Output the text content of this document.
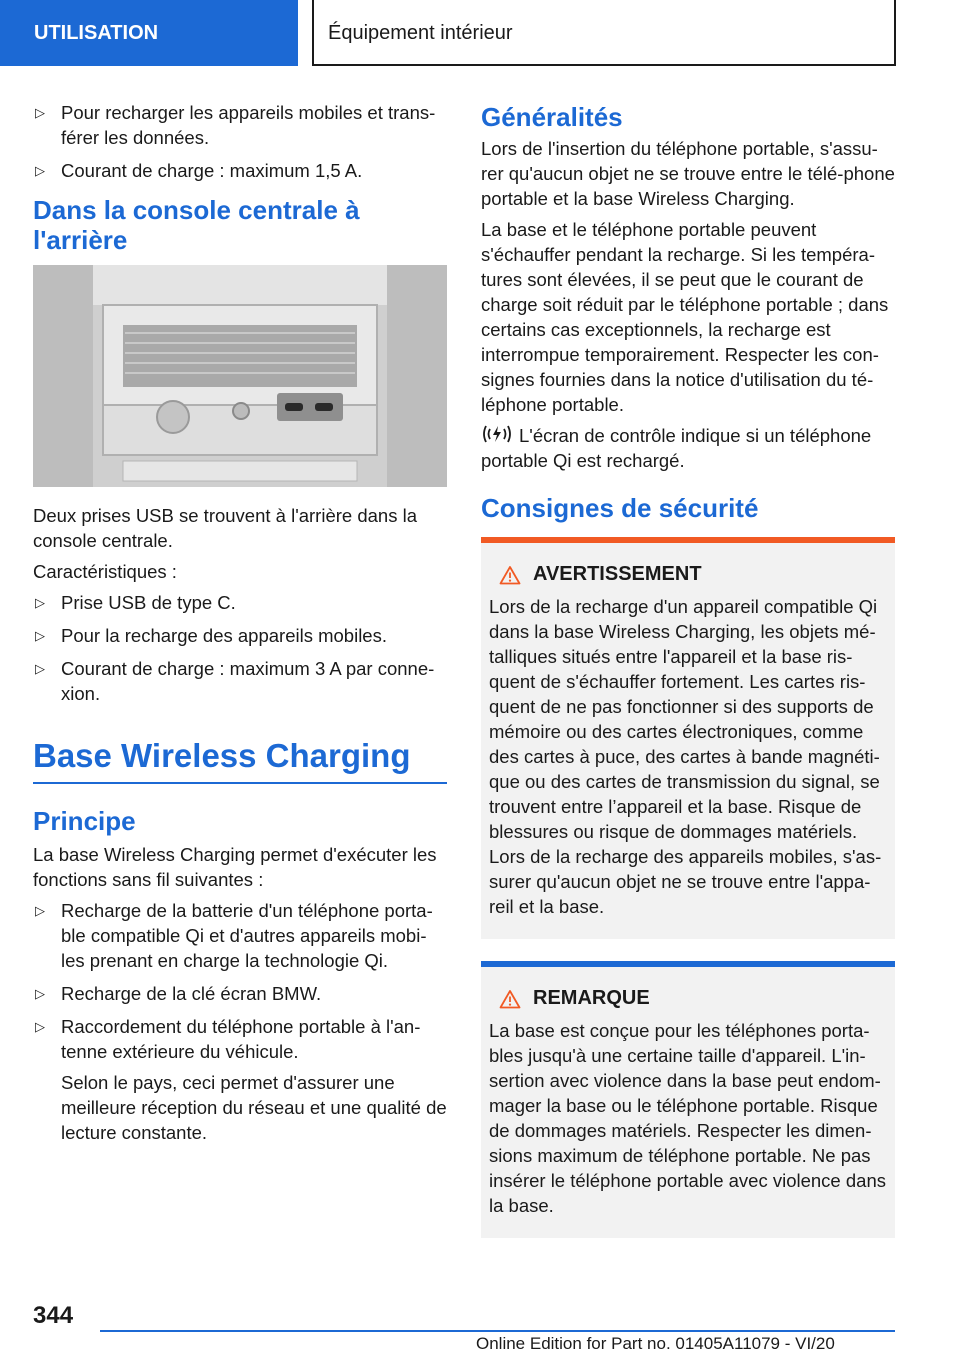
UTILISATION	Équipement intérieur
▷ Pour recharger les appareils mobiles et trans-férer les données.
▷ Courant de charge : maximum 1,5 A.
Dans la console centrale à l'arrière

Deux prises USB se trouvent à l'arrière dans la console centrale.

Caractéristiques :

▷ Prise USB de type C.
▷ Pour la recharge des appareils mobiles.
▷ Courant de charge : maximum 3 A par conne-xion.
Base Wireless Charging
Principe

La base Wireless Charging permet d'exécuter les fonctions sans fil suivantes :

▷ Recharge de la batterie d'un téléphone porta-ble compatible Qi et d'autres appareils mobi-les prenant en charge la technologie Qi.
▷ Recharge de la clé écran BMW.
▷ Raccordement du téléphone portable à l'an-tenne extérieure du véhicule.
Selon le pays, ceci permet d'assurer une meilleure réception du réseau et une qualité de lecture constante.
Généralités

Lors de l'insertion du téléphone portable, s'assu-rer qu'aucun objet ne se trouve entre le télé-phone portable et la base Wireless Charging.

La base et le téléphone portable peuvent s'échauffer pendant la recharge. Si les tempéra-tures sont élevées, il se peut que le courant de charge soit réduit par le téléphone portable ; dans certains cas exceptionnels, la recharge est interrompue temporairement. Respecter les con-signes fournies dans la notice d'utilisation du té-léphone portable.

L'écran de contrôle indique si un téléphone portable Qi est rechargé.

Consignes de sécurité
AVERTISSEMENT

Lors de la recharge d'un appareil compatible Qi dans la base Wireless Charging, les objets mé-talliques situés entre l'appareil et la base ris-quent de s'échauffer fortement. Les cartes ris-quent de ne pas fonctionner si des supports de mémoire ou des cartes électroniques, comme des cartes à puce, des cartes à bande magnéti-que ou des cartes de transmission du signal, se trouvent entre l’appareil et la base. Risque de blessures ou risque de dommages matériels. Lors de la recharge des appareils mobiles, s'as-surer qu'aucun objet ne se trouve entre l'appa-reil et la base.

REMARQUE

La base est conçue pour les téléphones porta-bles jusqu'à une certaine taille d'appareil. L'in-sertion avec violence dans la base peut endom-mager la base ou le téléphone portable. Risque de dommages matériels. Respecter les dimen-sions maximum de téléphone portable. Ne pas insérer le téléphone portable avec violence dans la base.

344
Online Edition for Part no. 01405A11079 - VI/20
